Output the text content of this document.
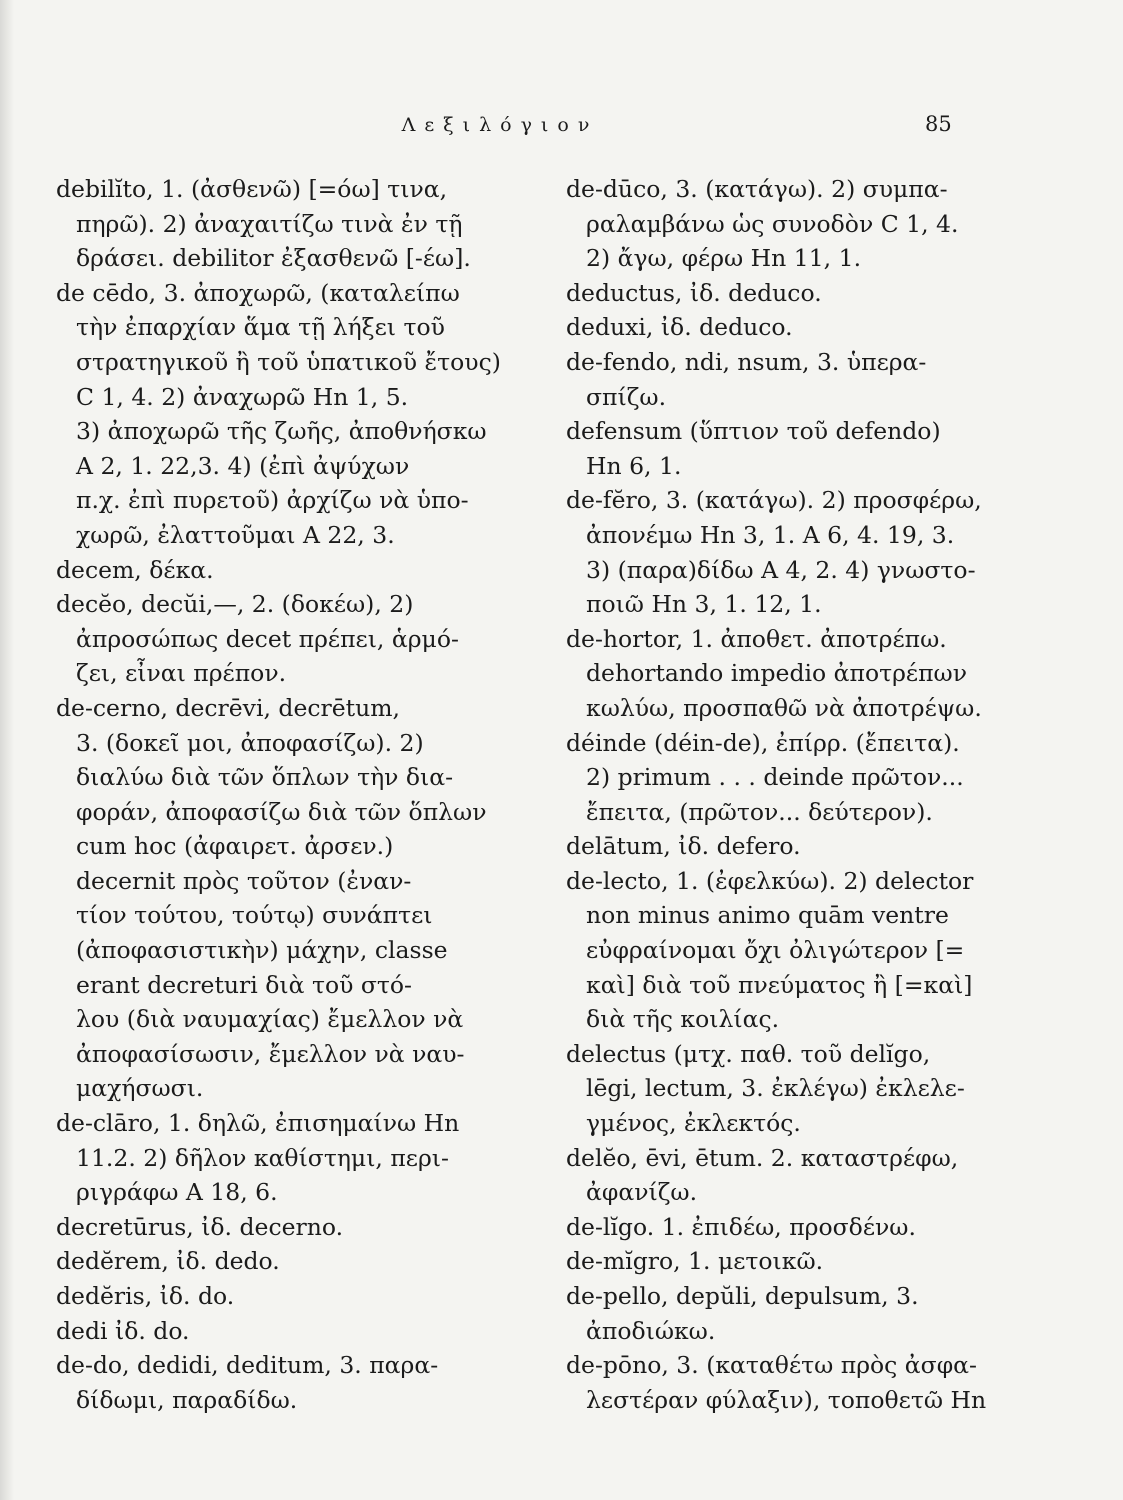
Λεξιλόγιον	85
debilĭto, 1. (ἀσθενῶ) [=όω] τινα,
πηρῶ). 2) ἀναχαιτίζω τινὰ ἐν τῇ
δράσει. debilitor ἐξασθενῶ [-έω].
de cēdo, 3. ἀποχωρῶ, (καταλείπω
τὴν ἐπαρχίαν ἅμα τῇ λήξει τοῦ
στρατηγικοῦ ἢ τοῦ ὑπατικοῦ ἔτους)
C 1, 4. 2) ἀναχωρῶ Ηn 1, 5.
3) ἀποχωρῶ τῆς ζωῆς, ἀποθνήσκω
A 2, 1. 22,3. 4) (ἐπὶ ἀψύχων
π.χ. ἐπὶ πυρετοῦ) ἀρχίζω νὰ ὑπο-
χωρῶ, ἐλαττοῦμαι A 22, 3.
decem, δέκα.
decĕo, decŭi,—, 2. (δοκέω), 2)
ἀπροσώπως decet πρέπει, ἁρμό-
ζει, εἶναι πρέπον.
de-cerno, decrēvi, decrētum,
3. (δοκεῖ μοι, ἀποφασίζω). 2)
διαλύω διὰ τῶν ὅπλων τὴν δια-
φοράν, ἀποφασίζω διὰ τῶν ὅπλων
cum hoc (ἀφαιρετ. ἀρσεν.)
decernit πρὸς τοῦτον (ἐναν-
τίον τούτου, τούτῳ) συνάπτει
(ἀποφασιστικὴν) μάχην, classe
erant decreturi διὰ τοῦ στό-
λου (διὰ ναυμαχίας) ἔμελλον νὰ
ἀποφασίσωσιν, ἔμελλον νὰ ναυ-
μαχήσωσι.
de-clāro, 1. δηλῶ, ἐπισημαίνω Ηn
11.2. 2) δῆλον καθίστημι, περι-
ριγράφω A 18, 6.
decretūrus, ἰδ. decerno.
dedĕrem, ἰδ. dedo.
dedĕris, ἰδ. do.
dedi ἰδ. do.
de-do, dedidi, deditum, 3. παρα-
δίδωμι, παραδίδω.
de-dūco, 3. (κατάγω). 2) συμπα-
ραλαμβάνω ὡς συνοδὸν C 1, 4.
2) ἄγω, φέρω Ηn 11, 1.
deductus, ἰδ. deduco.
deduxi, ἰδ. deduco.
de-fendo, ndi, nsum, 3. ὑπερα-
σπίζω.
defensum (ὕπτιον τοῦ defendo)
Ηn 6, 1.
de-fĕro, 3. (κατάγω). 2) προσφέρω,
ἀπονέμω Ηn 3, 1. A 6, 4. 19, 3.
3) (παρα)δίδω A 4, 2. 4) γνωστο-
ποιῶ Ηn 3, 1. 12, 1.
de-hortor, 1. ἀποθετ. ἀποτρέπω.
dehortando impedio ἀποτρέπων
κωλύω, προσπαθῶ νὰ ἀποτρέψω.
déinde (déin-de), ἐπίρρ. (ἔπειτα).
2) primum . . . deinde πρῶτον...
ἔπειτα, (πρῶτον... δεύτερον).
delātum, ἰδ. defero.
de-lecto, 1. (ἐφελκύω). 2) delector
non minus animo quām ventre
εὐφραίνομαι ὄχι ὀλιγώτερον [=
καὶ] διὰ τοῦ πνεύματος ἢ [=καὶ]
διὰ τῆς κοιλίας.
delectus (μτχ. παθ. τοῦ delĭgo,
lēgi, lectum, 3. ἐκλέγω) ἐκλελε-
γμένος, ἐκλεκτός.
delĕo, ēvi, ētum. 2. καταστρέφω,
ἀφανίζω.
de-lĭgo. 1. ἐπιδέω, προσδένω.
de-mĭgro, 1. μετοικῶ.
de-pello, depŭli, depulsum, 3.
ἀποδιώκω.
de-pōno, 3. (καταθέτω πρὸς ἀσφα-
λεστέραν φύλαξιν), τοποθετῶ Ηn
